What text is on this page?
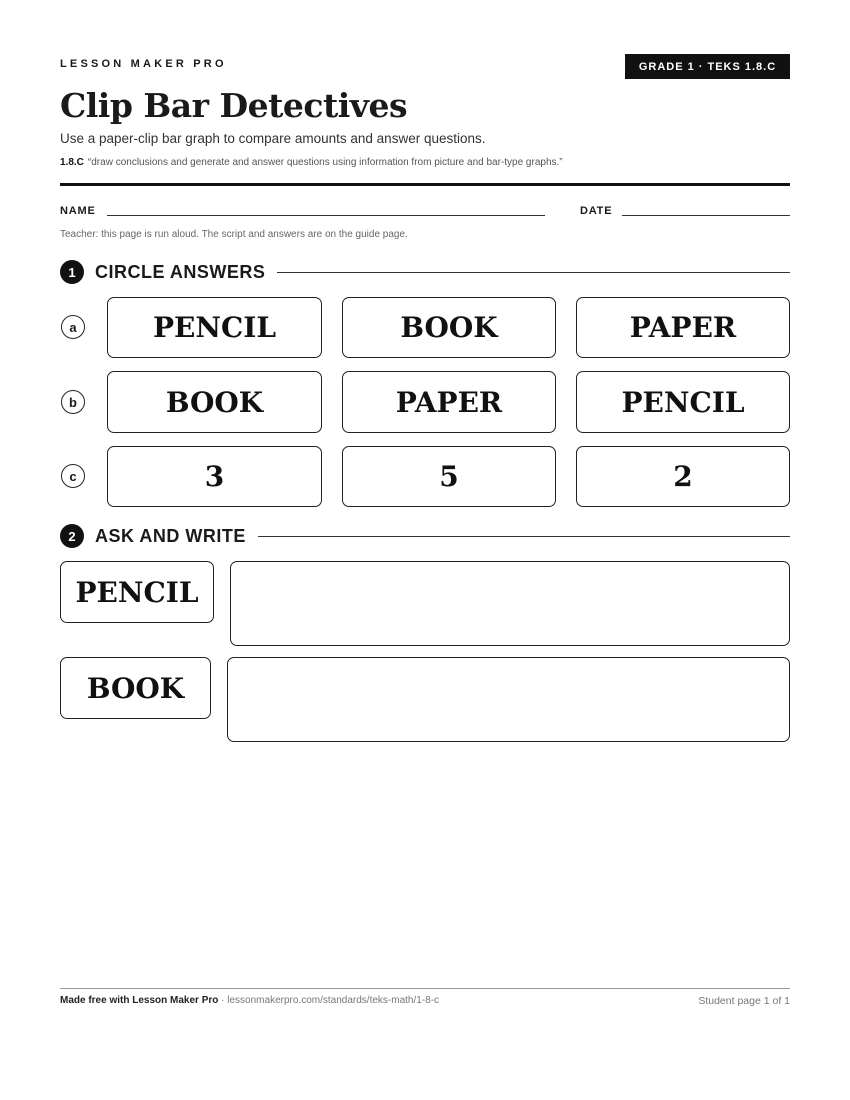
LESSON MAKER PRO	GRADE 1 · TEKS 1.8.C
Clip Bar Detectives
Use a paper-clip bar graph to compare amounts and answer questions.
1.8.C “draw conclusions and generate and answer questions using information from picture and bar-type graphs.”
NAME	DATE
Teacher: this page is run aloud. The script and answers are on the guide page.
1	CIRCLE ANSWERS
a	PENCIL	BOOK	PAPER
b	BOOK	PAPER	PENCIL
c	3	5	2
2	ASK AND WRITE
PENCIL
BOOK
Made free with Lesson Maker Pro · lessonmakerpro.com/standards/teks-math/1-8-c	Student page 1 of 1
